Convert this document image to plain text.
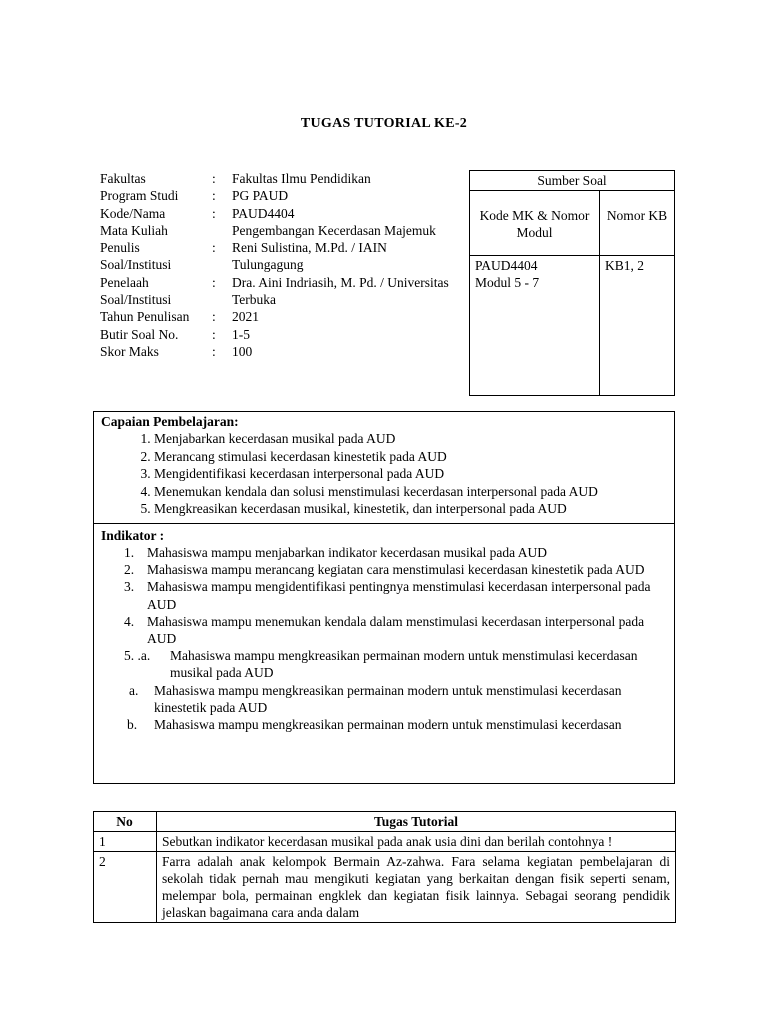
TUGAS TUTORIAL KE-2
Fakultas	:	Fakultas Ilmu Pendidikan
Program Studi	:	PG PAUD
Kode/Nama	:	PAUD4404
Mata Kuliah		Pengembangan Kecerdasan Majemuk
Penulis Soal/Institusi	:	Reni Sulistina, M.Pd. / IAIN Tulungagung
Penelaah Soal/Institusi	:	Dra. Aini Indriasih, M. Pd. / Universitas Terbuka
Tahun Penulisan	:	2021
Butir Soal No.	:	1-5
Skor Maks	:	100
Sumber Soal	
Kode MK & Nomor Modul	Nomor KB

PAUD4404
Modul 5 - 7	KB1, 2
Capaian Pembelajaran:
1. Menjabarkan kecerdasan musikal pada AUD
2. Merancang stimulasi kecerdasan kinestetik pada AUD
3. Mengidentifikasi kecerdasan interpersonal pada AUD
4. Menemukan kendala dan solusi menstimulasi kecerdasan interpersonal pada AUD
5. Mengkreasikan kecerdasan musikal, kinestetik, dan interpersonal pada AUD
Indikator :
1. Mahasiswa mampu menjabarkan indikator kecerdasan musikal pada AUD
2. Mahasiswa mampu merancang kegiatan cara menstimulasi kecerdasan kinestetik pada AUD
3. Mahasiswa mampu mengidentifikasi pentingnya menstimulasi kecerdasan interpersonal pada AUD
4. Mahasiswa mampu menemukan kendala dalam menstimulasi kecerdasan interpersonal pada AUD
5. .a.	Mahasiswa mampu mengkreasikan permainan modern untuk menstimulasi kecerdasan musikal pada AUD
a.	Mahasiswa mampu mengkreasikan permainan modern untuk menstimulasi kecerdasan kinestetik pada AUD
b.	Mahasiswa mampu mengkreasikan permainan modern untuk menstimulasi kecerdasan
No	Tugas Tutorial
1	Sebutkan indikator kecerdasan musikal pada anak usia dini dan berilah contohnya !
2	Farra adalah anak kelompok Bermain Az-zahwa. Fara selama kegiatan pembelajaran di sekolah tidak pernah mau mengikuti kegiatan yang berkaitan dengan fisik seperti senam, melempar bola, permainan engklek dan kegiatan fisik lainnya. Sebagai seorang pendidik jelaskan bagaimana cara anda dalam
